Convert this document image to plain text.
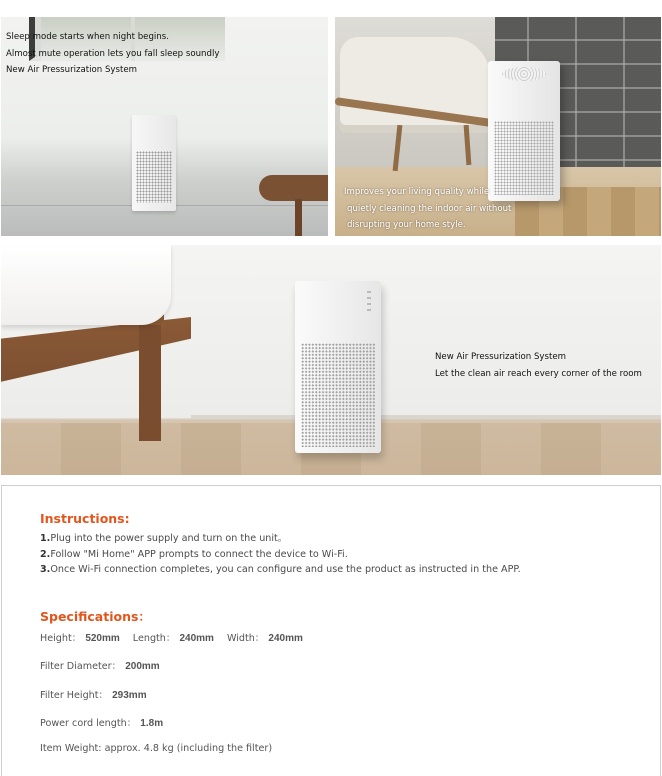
Sleep mode starts when night begins.
Almost mute operation lets you fall sleep soundly
New Air Pressurization System
Improves your living quality while
quietly cleaning the indoor air without
disrupting your home style.
New Air Pressurization System
Let the clean air reach every corner of the room
Instructions:
1.Plug into the power supply and turn on the unit。
2.Follow "Mi Home" APP prompts to connect the device to Wi-Fi.
3.Once Wi-Fi connection completes, you can configure and use the product as instructed in the APP.
Specifications：
Height： 520mm Length： 240mm Width： 240mm
Filter Diameter： 200mm
Filter Height： 293mm
Power cord length： 1.8m
Item Weight: approx. 4.8 kg (including the filter)
